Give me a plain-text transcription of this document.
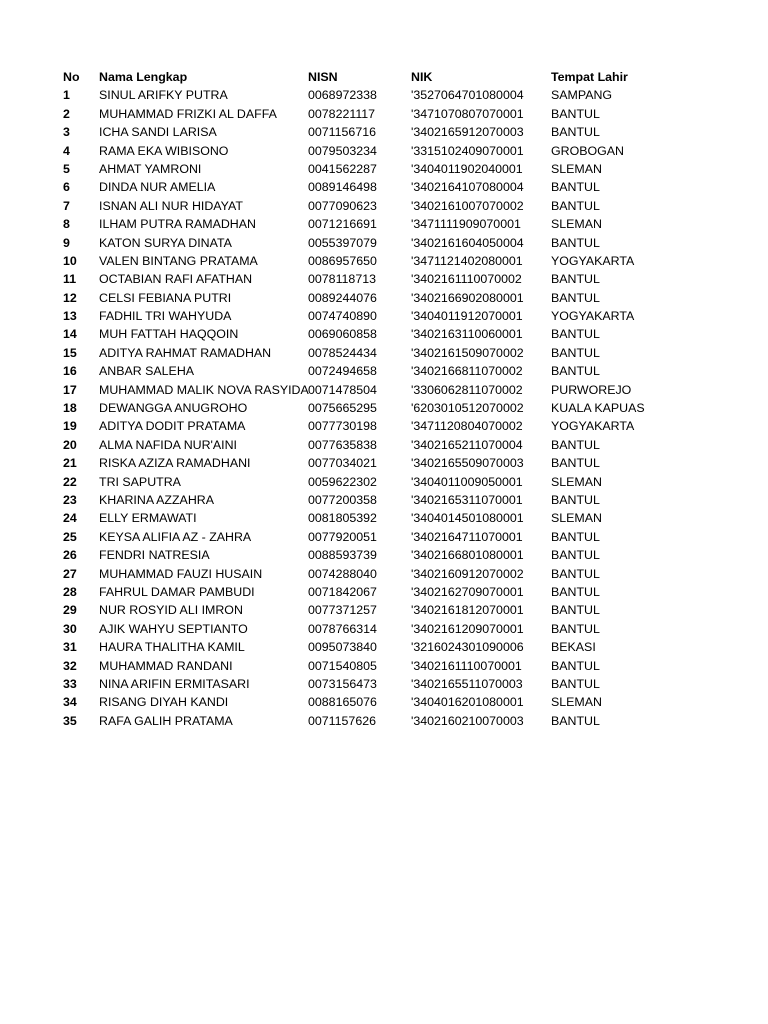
No Nama Lengkap	NISN	NIK	Tempat Lahir
1 SINUL ARIFKY PUTRA	0068972338	'3527064701080004 SAMPANG
2 MUHAMMAD FRIZKI AL DAFFA	0078221117	'3471070807070001 BANTUL
3 ICHA SANDI LARISA	0071156716	'3402165912070003 BANTUL
4 RAMA EKA WIBISONO	0079503234	'3315102409070001 GROBOGAN
5 AHMAT YAMRONI	0041562287	'3404011902040001 SLEMAN
6 DINDA NUR AMELIA	0089146498	'3402164107080004 BANTUL
7 ISNAN ALI NUR HIDAYAT	0077090623	'3402161007070002 BANTUL
8 ILHAM PUTRA RAMADHAN	0071216691	'3471111909070001 SLEMAN
9 KATON SURYA DINATA	0055397079	'3402161604050004 BANTUL
10 VALEN BINTANG PRATAMA	0086957650	'3471121402080001 YOGYAKARTA
11 OCTABIAN RAFI AFATHAN	0078118713	'3402161110070002 BANTUL
12 CELSI FEBIANA PUTRI	0089244076	'3402166902080001 BANTUL
13 FADHIL TRI WAHYUDA	0074740890	'3404011912070001 YOGYAKARTA
14 MUH FATTAH HAQQOIN	0069060858	'3402163110060001 BANTUL
15 ADITYA RAHMAT RAMADHAN	0078524434	'3402161509070002 BANTUL
16 ANBAR SALEHA	0072494658	'3402166811070002 BANTUL
17 MUHAMMAD MALIK NOVA RASYIDA 0071478504	'3306062811070002 PURWOREJO
18 DEWANGGA ANUGROHO	0075665295	'6203010512070002 KUALA KAPUAS
19 ADITYA DODIT PRATAMA	0077730198	'3471120804070002 YOGYAKARTA
20 ALMA NAFIDA NUR'AINI	0077635838	'3402165211070004 BANTUL
21 RISKA AZIZA RAMADHANI	0077034021	'3402165509070003 BANTUL
22 TRI SAPUTRA	0059622302	'3404011009050001 SLEMAN
23 KHARINA AZZAHRA	0077200358	'3402165311070001 BANTUL
24 ELLY ERMAWATI	0081805392	'3404014501080001 SLEMAN
25 KEYSA ALIFIA AZ - ZAHRA	0077920051	'3402164711070001 BANTUL
26 FENDRI NATRESIA	0088593739	'3402166801080001 BANTUL
27 MUHAMMAD FAUZI HUSAIN	0074288040	'3402160912070002 BANTUL
28 FAHRUL DAMAR PAMBUDI	0071842067	'3402162709070001 BANTUL
29 NUR ROSYID ALI IMRON	0077371257	'3402161812070001 BANTUL
30 AJIK WAHYU SEPTIANTO	0078766314	'3402161209070001 BANTUL
31 HAURA THALITHA KAMIL	0095073840	'3216024301090006 BEKASI
32 MUHAMMAD RANDANI	0071540805	'3402161110070001 BANTUL
33 NINA ARIFIN ERMITASARI	0073156473	'3402165511070003 BANTUL
34 RISANG DIYAH KANDI	0088165076	'3404016201080001 SLEMAN
35 RAFA GALIH PRATAMA	0071157626	'3402160210070003 BANTUL
